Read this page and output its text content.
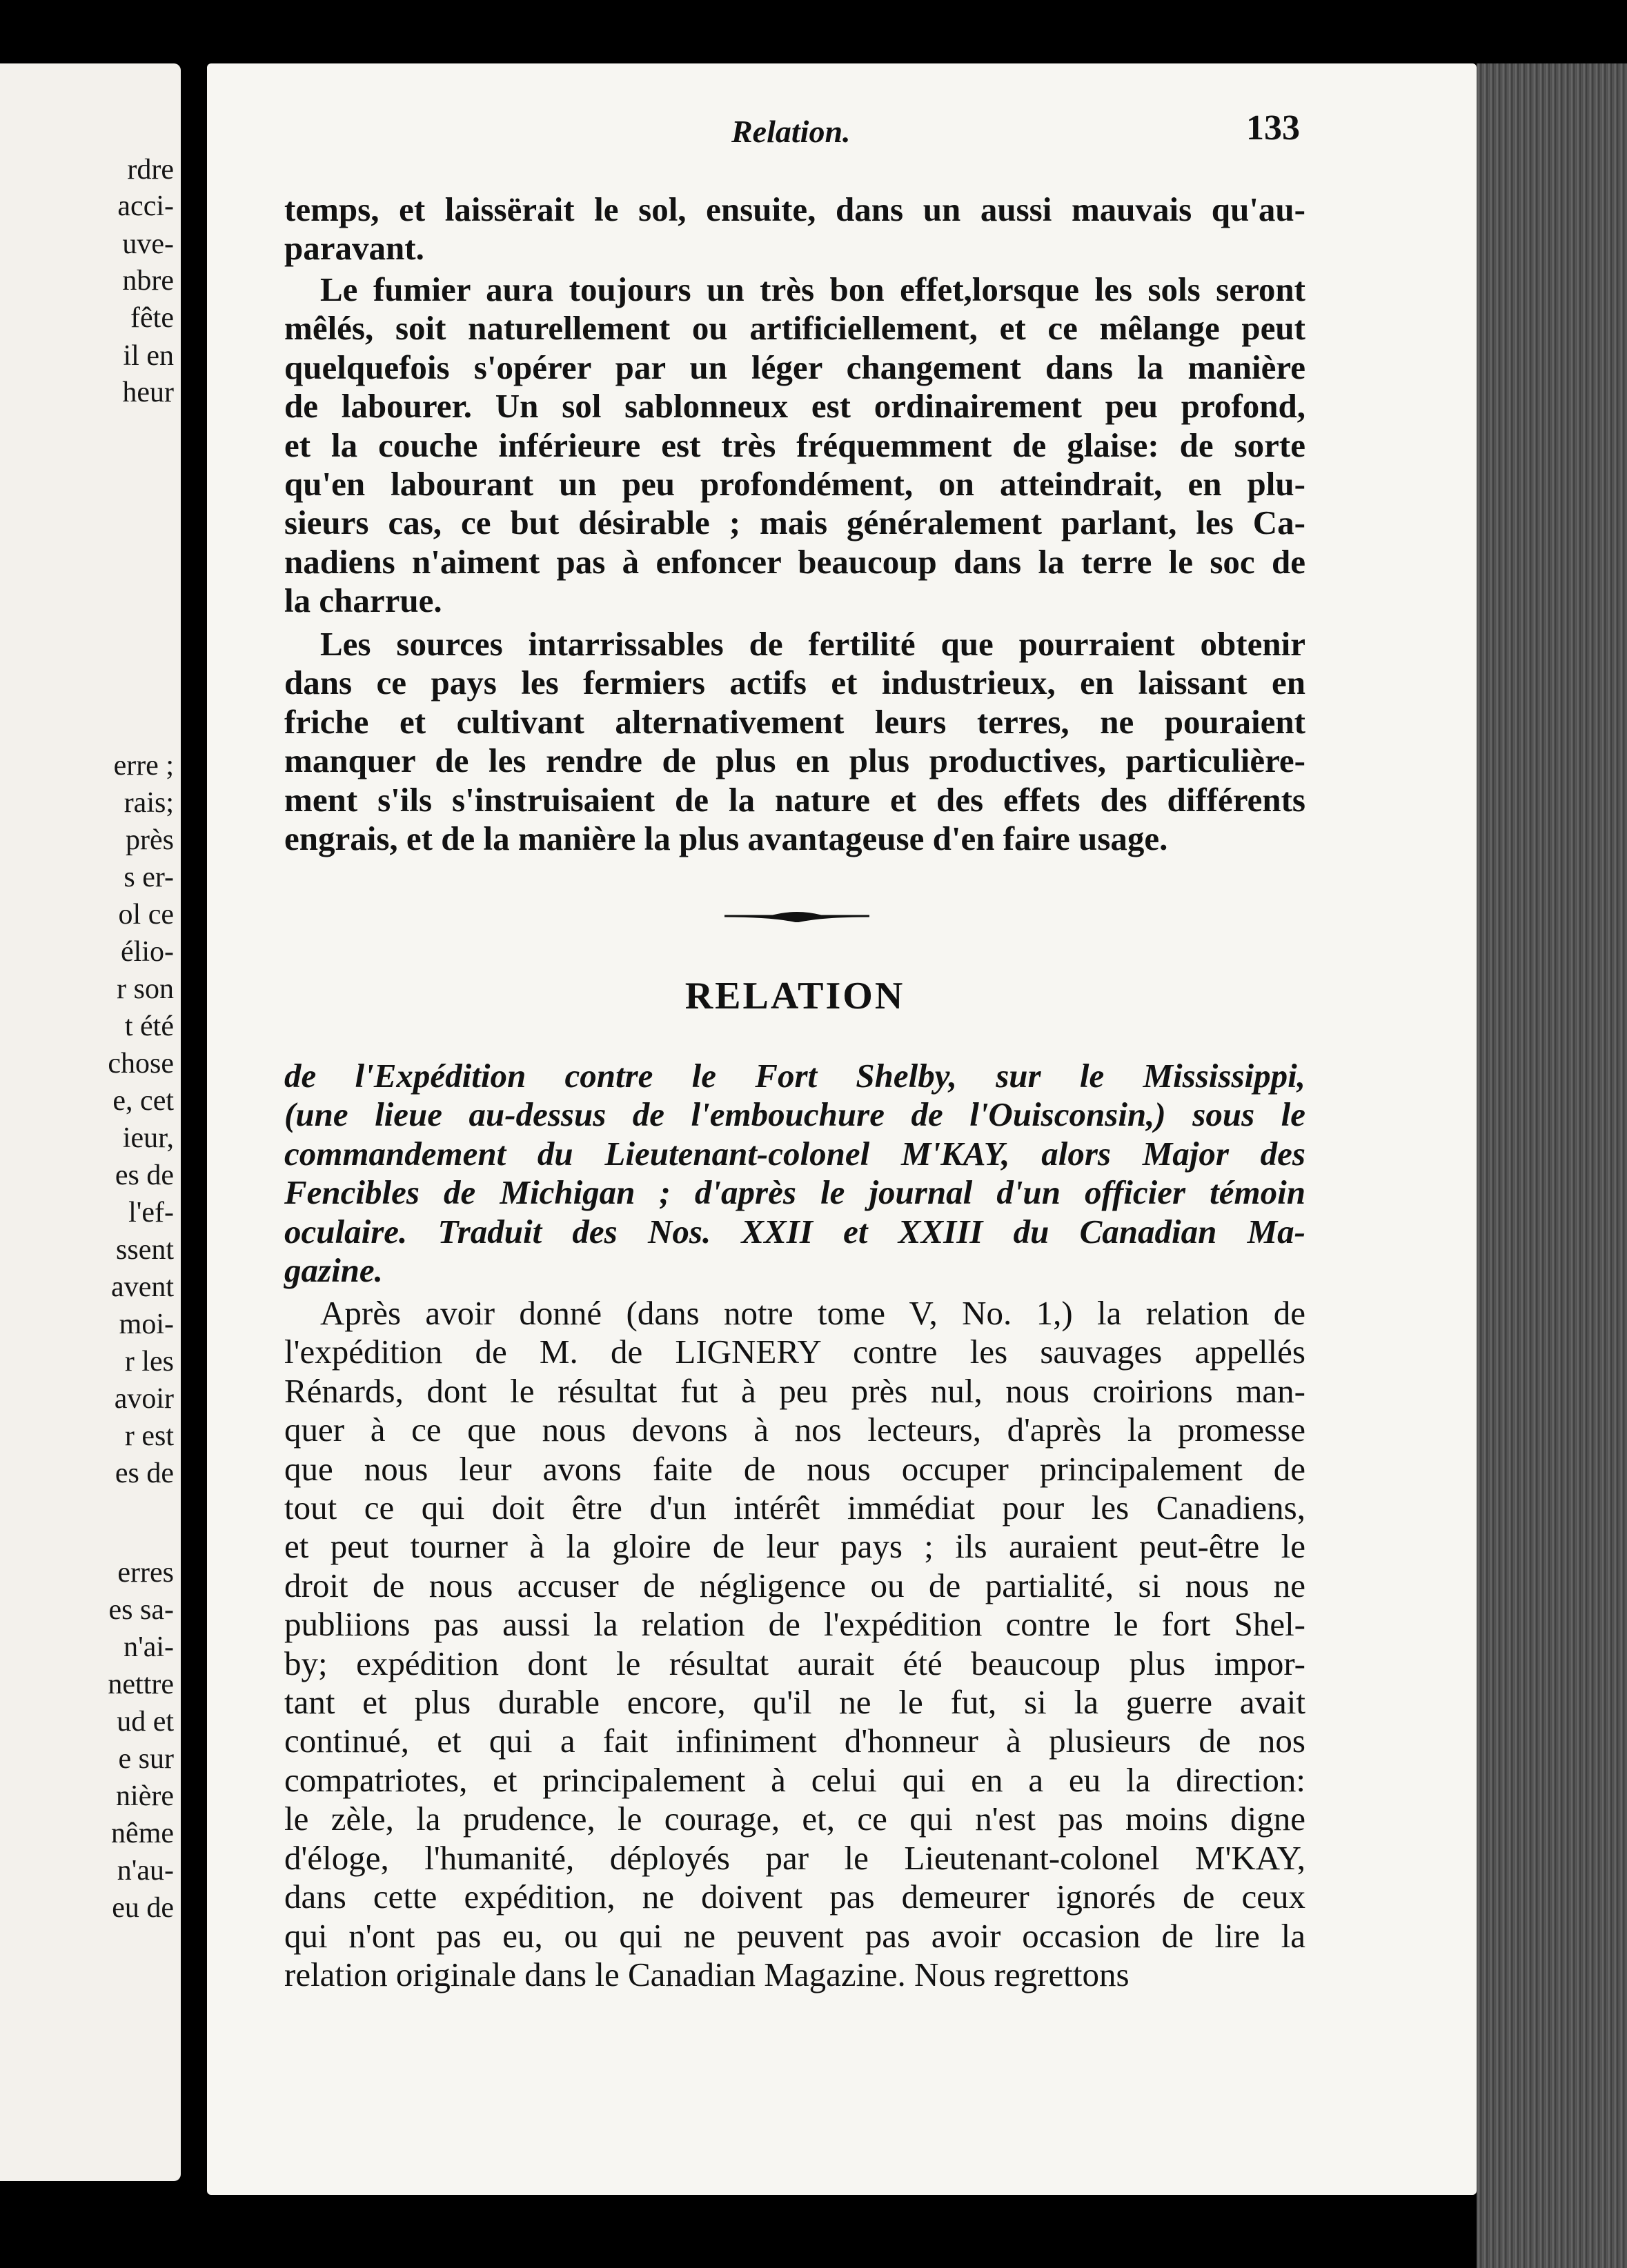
rdre
acci-
uve-
nbre
fête
il en
heur
erre ;
rais;
près
s er-
ol ce
élio-
r son
t été
chose
e, cet
ieur,
es de
l'ef-
ssent
avent
moi-
r les
avoir
r est
es de
erres
es sa-
n'ai-
nettre
ud et
e sur
nière
nême
n'au-
eu de
Relation.	133
temps, et laissërait le sol, ensuite, dans un aussi mauvais qu'au-
paravant.
Le fumier aura toujours un très bon effet,lorsque les sols seront
mêlés, soit naturellement ou artificiellement, et ce mêlange peut
quelquefois s'opérer par un léger changement dans la manière
de labourer. Un sol sablonneux est ordinairement peu profond,
et la couche inférieure est très fréquemment de glaise: de sorte
qu'en labourant un peu profondément, on atteindrait, en plu-
sieurs cas, ce but désirable ; mais généralement parlant, les Ca-
nadiens n'aiment pas à enfoncer beaucoup dans la terre le soc de
la charrue.
Les sources intarrissables de fertilité que pourraient obtenir
dans ce pays les fermiers actifs et industrieux, en laissant en
friche et cultivant alternativement leurs terres, ne pouraient
manquer de les rendre de plus en plus productives, particulière-
ment s'ils s'instruisaient de la nature et des effets des différents
engrais, et de la manière la plus avantageuse d'en faire usage.
RELATION
de l'Expédition contre le Fort Shelby, sur le Mississippi,
(une lieue au-dessus de l'embouchure de l'Ouisconsin,) sous le
commandement du Lieutenant-colonel M'KAY, alors Major des
Fencibles de Michigan ; d'après le journal d'un officier témoin
oculaire. Traduit des Nos. XXII et XXIII du Canadian Ma-
gazine.
Après avoir donné (dans notre tome V, No. 1,) la relation de
l'expédition de M. de LIGNERY contre les sauvages appellés
Rénards, dont le résultat fut à peu près nul, nous croirions man-
quer à ce que nous devons à nos lecteurs, d'après la promesse
que nous leur avons faite de nous occuper principalement de
tout ce qui doit être d'un intérêt immédiat pour les Canadiens,
et peut tourner à la gloire de leur pays ; ils auraient peut-être le
droit de nous accuser de négligence ou de partialité, si nous ne
publiions pas aussi la relation de l'expédition contre le fort Shel-
by; expédition dont le résultat aurait été beaucoup plus impor-
tant et plus durable encore, qu'il ne le fut, si la guerre avait
continué, et qui a fait infiniment d'honneur à plusieurs de nos
compatriotes, et principalement à celui qui en a eu la direction:
le zèle, la prudence, le courage, et, ce qui n'est pas moins digne
d'éloge, l'humanité, déployés par le Lieutenant-colonel M'KAY,
dans cette expédition, ne doivent pas demeurer ignorés de ceux
qui n'ont pas eu, ou qui ne peuvent pas avoir occasion de lire la
relation originale dans le Canadian Magazine. Nous regrettons
